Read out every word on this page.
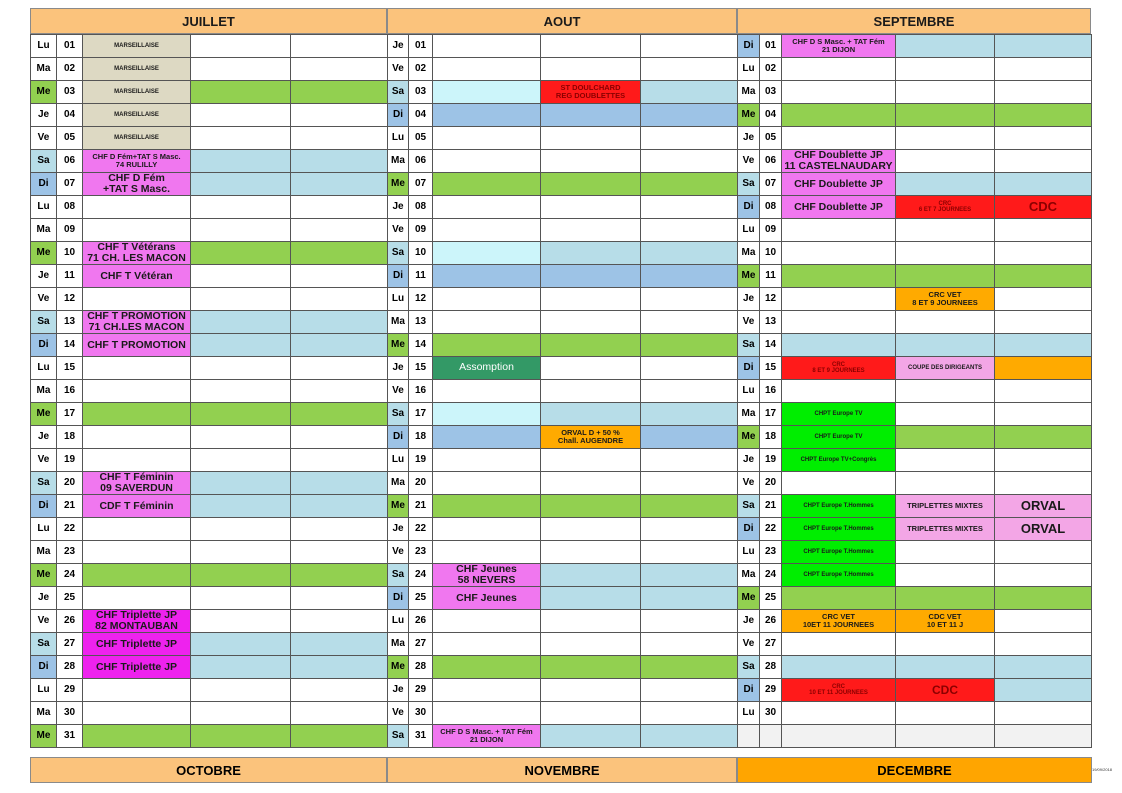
JUILLET
Lu	01	MARSEILLAISE		

Ma	02	MARSEILLAISE		

Me	03	MARSEILLAISE		

Je	04	MARSEILLAISE		

Ve	05	MARSEILLAISE		

Sa	06	CHF D Fém+TAT S Masc.
74 RULILLY		

Di	07	CHF D Fém
+TAT S Masc.		

Lu	08			
Ma	09			
Me	10	CHF T Vétérans
71 CH. LES MACON		

Je	11	CHF T Vétéran		

Ve	12			
Sa	13	CHF T PROMOTION
71 CH.LES MACON		

Di	14	CHF T PROMOTION		

Lu	15			
Ma	16			
Me	17			
Je	18			
Ve	19			
Sa	20	CHF T Féminin
09 SAVERDUN		

Di	21	CDF T Féminin		

Lu	22			
Ma	23			
Me	24			
Je	25			
Ve	26	CHF Triplette JP
82 MONTAUBAN		

Sa	27	CHF Triplette JP		

Di	28	CHF Triplette JP		

Lu	29			
Ma	30			
Me	31			
AOUT
Je	01			
Ve	02			
Sa	03		ST DOULCHARD
REG DOUBLETTES	

Di	04			
Lu	05			
Ma	06			
Me	07			
Je	08			
Ve	09			
Sa	10			
Di	11			
Lu	12			
Ma	13			
Me	14			
Je	15	Assomption		

Ve	16			
Sa	17			
Di	18		ORVAL D + 50 %
Chall. AUGENDRE	

Lu	19			
Ma	20			
Me	21			
Je	22			
Ve	23			
Sa	24	CHF Jeunes
58 NEVERS		

Di	25	CHF Jeunes		

Lu	26			
Ma	27			
Me	28			
Je	29			
Ve	30			
Sa	31	CHF D S Masc. + TAT Fém
21 DIJON		

SEPTEMBRE
Di	01	CHF D S Masc. + TAT Fém
21 DIJON		

Lu	02			
Ma	03			
Me	04			
Je	05			
Ve	06	CHF Doublette JP
11 CASTELNAUDARY		

Sa	07	CHF Doublette JP		

Di	08	CHF Doublette JP	CRC
6 ET 7 JOURNEES	CDC

Lu	09			
Ma	10			
Me	11			
Je	12		CRC VET
8 ET 9 JOURNEES	

Ve	13			
Sa	14			
Di	15	CRC
8 ET 9 JOURNEES	COUPE DES DIRIGEANTS	

Lu	16			
Ma	17	CHPT Europe TV		

Me	18	CHPT Europe TV		

Je	19	CHPT Europe TV+Congrès		

Ve	20			
Sa	21	CHPT Europe T.Hommes	TRIPLETTES MIXTES	ORVAL

Di	22	CHPT Europe T.Hommes	TRIPLETTES MIXTES	ORVAL

Lu	23	CHPT Europe T.Hommes		

Ma	24	CHPT Europe T.Hommes		

Me	25			
Je	26	CRC VET
10ET 11 JOURNEES	CDC VET
10 ET 11 J	

Ve	27			
Sa	28			
Di	29	CRC
10 ET 11 JOURNEES	CDC	

Lu	30			

OCTOBRE	NOVEMBRE	DECEMBRE	19/09/2018
